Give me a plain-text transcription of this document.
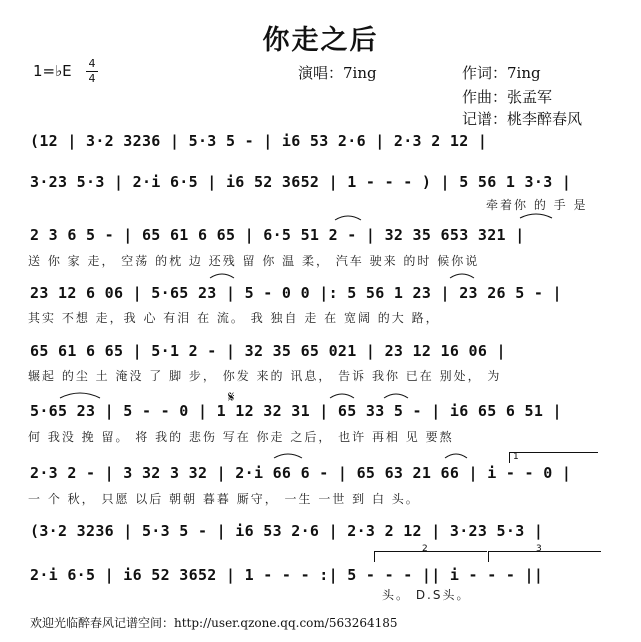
你走之后
1=♭E 4
4	演唱：7ing	作词：7ing
作曲：张孟军
记谱：桃李醉春风
(12 | 3·2 3236 | 5·3 5 - | i6 53 2·6 | 2·3 2 12 |
3·23 5·3 | 2·i 6·5 | i6 52 3652 | 1 - - - ) | 5 56 1 3·3 |
牵着你 的 手 是
2 3 6 5 - | 65 61 6 65 | 6·5 51 2 - | 32 35 653 321 |
送 你 家 走， 空荡 的枕 边 还残 留 你 温 柔， 汽车 驶来 的时 候你说
23 12 6 06 | 5·65 23 | 5 - 0 0 |: 5 56 1 23 | 23 26 5 - |
其实 不想 走，我 心 有泪 在 流。 我 独自 走 在 宽阔 的大 路，
65 61 6 65 | 5·1 2 - | 32 35 65 021 | 23 12 16 06 |
辗起 的尘 土 淹没 了 脚 步， 你发 来的 讯息， 告诉 我你 已在 别处， 为
5·65 23 | 5 - - 0 | 1 12 32 31 | 65 33 5 - | i6 65 6 51 |
何 我没 挽 留。 将 我的 悲伤 写在 你走 之后， 也许 再相 见 要熬
2·3 2 - | 3 32 3 32 | 2·i 66 6 - | 65 63 21 66 | i - - 0 |
一 个 秋， 只愿 以后 朝朝 暮暮 厮守， 一生 一世 到 白 头。
(3·2 3236 | 5·3 5 - | i6 53 2·6 | 2·3 2 12 | 3·23 5·3 |
2·i 6·5 | i6 52 3652 | 1 - - - :| 5 - - - || i - - - ||
头。 D.S头。
𝄋
1
2	3
欢迎光临醉春风记谱空间：http://user.qzone.qq.com/563264185
